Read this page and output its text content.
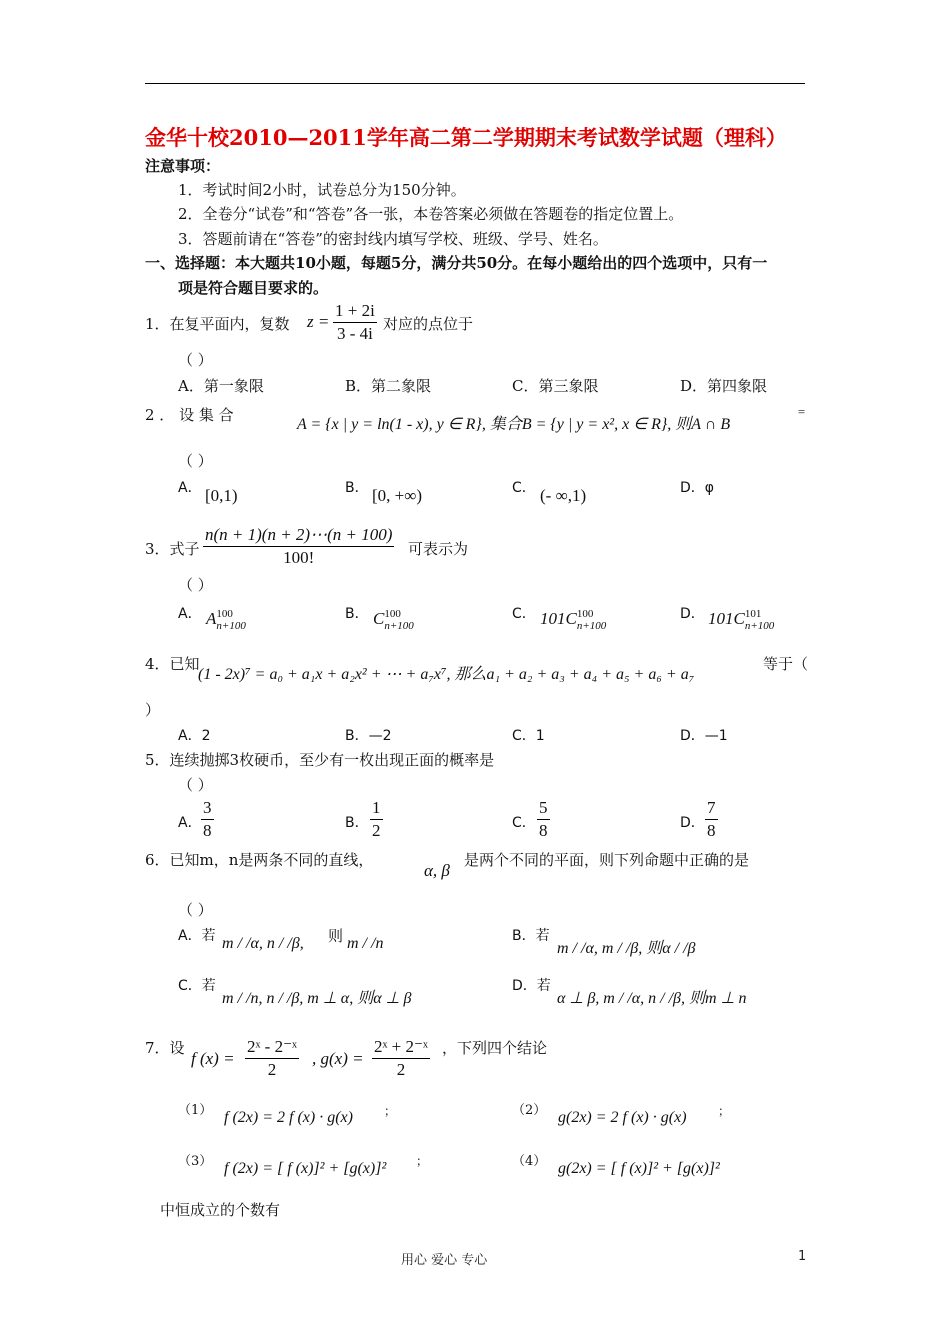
金华十校2010—2011学年高二第二学期期末考试数学试题（理科）
注意事项：
1．考试时间2小时，试卷总分为150分钟。
2．全卷分“试卷”和“答卷”各一张，本卷答案必须做在答题卷的指定位置上。
3．答题前请在“答卷”的密封线内填写学校、班级、学号、姓名。
一、选择题：本大题共10小题，每题5分，满分共50分。在每小题给出的四个选项中，只有一
项是符合题目要求的。
1．在复平面内，复数 $z = \frac{1 + 2i}{3 - 4i}$ 对应的点位于
（ ）
A．第一象限	B．第二象限	C．第三象限	D．第四象限
2 ． 设 集 合
A = {x | y = ln(1 - x), y ∈ R}, 集合B = {y | y = x², x ∈ R}, 则A ∩ B
=
（ ）
A． [0,1)	B． [0, +∞)	C． (- ∞,1)	D．φ
3．式子 $\frac{n(n + 1)(n + 2)\cdots(n + 100)}{100!}$ 可表示为
（ ）
A． A 100
n+100
B． C 100
n+100
C． 101C 100
n+100
D． 101C 101
n+100
4．已知
(1 - 2x)⁷ = a₀ + a₁x + a₂x² + ⋯ + a₇x⁷, 那么a₁ + a₂ + a₃ + a₄ + a₅ + a₆ + a₇
等于（
）
A．2	B．—2	C．1	D．—1
5．连续抛掷3枚硬币，至少有一枚出现正面的概率是
（ ）
A． $\frac{3}{8}$	B． $\frac{1}{2}$	C． $\frac{5}{8}$	D． $\frac{7}{8}$
6．已知m，n是两条不同的直线，
α, β
是两个不同的平面，则下列命题中正确的是
（ ）
A．若 m / /α, n / /β, 则 m / /n	B．若
m / /α, m / /β, 则α / /β
C．若
m / /n, n / /β, m ⊥ α, 则α ⊥ β
D．若
α ⊥ β, m / /α, n / /β, 则m ⊥ n
7．设
f $(x) = \frac{\text{2ˣ - 2⁻ˣ}}{2}$ , $g(x) = \frac{\text{2ˣ + 2⁻ˣ}}{2}$ ，下列四个结论
（1） f (2x) = 2 f (x) · g(x)	；	（2） g(2x) = 2 f (x) · g(x)	；
（3） f (2x) = [ f (x)]² + [g(x)]² ；	（4） g(2x) = [ f (x)]² + [g(x)]²
中恒成立的个数有
用心 爱心 专心	1
